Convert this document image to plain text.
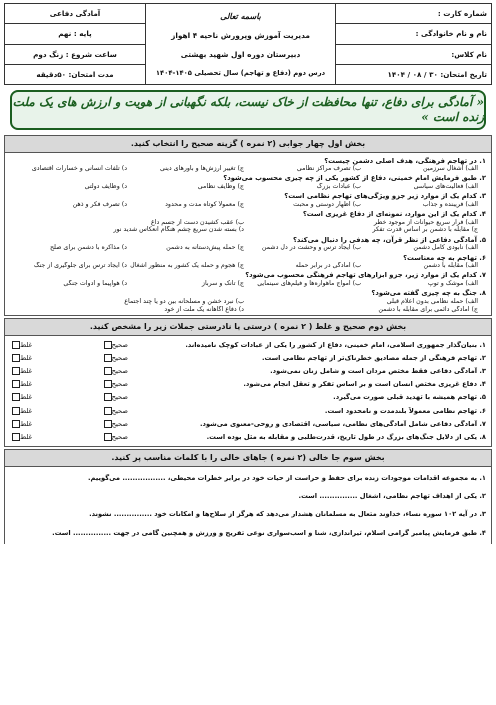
شماره کارت :
نام و نام خانوادگی :
نام کلاس:
تاریخ امتحان: ۳۰ / ۰۸ / ۱۴۰۴
باسمه تعالی
مدیریت آموزش وپرورش ناحیه ۴ اهواز
دبیرستان دوره اول شهید بهشتی
درس دوم (دفاع و تهاجم) سال تحصیلی ۱۴۰۵-۱۴۰۴
آمادگی دفاعی
پایه : نهم
ساعت شروع : زنگ دوم
مدت امتحان: ۵۰دقیقه
« آمادگی برای دفاع، تنها محافظت از خاک نیست، بلکه نگهبانی از هویت و ارزش های یک ملت زنده است »
بخش اول چهار جوابی (۲ نمره ) گزینه صحیح را انتخاب کنید.
۱. در تهاجم فرهنگی، هدف اصلی دشمن چیست؟
الف) اشغال سرزمین
ب) تصرف مراکز نظامی
ج) تغییر ارزش‌ها و باورهای دینی
د) تلفات انسانی و خسارات اقتصادی
۲. طبق فرمایش امام خمینی، دفاع از کشور یکی از چه چیزی محسوب می‌شود؟
الف) فعالیت‌های سیاسی
ب) عبادات بزرگ
ج) وظایف نظامی
د) وظایف دولتی
۳. کدام یک از موارد زیر جزو ویژگی‌های تهاجم نظامی است؟
الف) فریبنده و جذاب
ب) اظهار دوستی و محبت
ج) معمولاً کوتاه مدت و محدود
د) تصرف فکر و ذهن
۴. کدام یک از این موارد، نمونه‌ای از دفاع غریزی است؟
الف) فرار سریع حیوانات از موجود خطر
ب) عقب کشیدن دست از جسم داغ
ج) مقابله با دشمن بر اساس قدرت تفکر
د) بسته شدن سریع چشم هنگام انعکاس شدید نور
۵. آمادگی دفاعی از نظر قرآن، چه هدفی را دنبال می‌کند؟
الف) نابودی کامل دشمن
ب) ایجاد ترس و وحشت در دل دشمن
ج) حمله پیش‌دستانه به دشمن
د) مذاکره با دشمن برای صلح
۶. تهاجم به چه معناست؟
الف) مقابله با دشمن
ب) آمادگی در برابر حمله
ج) هجوم و حمله یک کشور به منظور اشغال
د) ایجاد ترس برای جلوگیری از جنگ
۷. کدام یک از موارد زیر، جزو ابزارهای تهاجم فرهنگی محسوب می‌شود؟
الف) موشک و توپ
ب) امواج ماهواره‌ها و فیلم‌های سینمایی
ج) تانک و سرباز
د) هواپیما و ادوات جنگی
۸. جنگ به چه چیزی گفته می‌شود؟
الف) حمله نظامی بدون اعلام قبلی
ب) نبرد خشن و مسلحانه بین دو یا چند اجتماع
ج) آمادگی دائمی برای مقابله با دشمن
د) دفاع آگاهانه یک ملت از خود
بخش دوم صحیح و غلط ( ۲ نمره ) درستی یا نادرستی جملات زیر را مشخص کنید.
۱. بنیان‌گذار جمهوری اسلامی، امام خمینی، دفاع از کشور را یکی از عبادات کوچک نامیده‌اند.
صحیح
غلط
۲. تهاجم فرهنگی از جمله مصادیق خطرناک‌تر از تهاجم نظامی است.
صحیح
غلط
۳. آمادگی دفاعی فقط مختص مردان است و شامل زنان نمی‌شود.
صحیح
غلط
۴. دفاع غریزی مختص انسان است و بر اساس تفکر و تعقل انجام می‌شود.
صحیح
غلط
۵. تهاجم همیشه با تهدید قبلی صورت می‌گیرد.
صحیح
غلط
۶. تهاجم نظامی معمولاً بلندمدت و نامحدود است.
صحیح
غلط
۷. آمادگی دفاعی شامل آمادگی‌های نظامی، سیاسی، اقتصادی و روحی-معنوی می‌شود.
صحیح
غلط
۸. یکی از دلایل جنگ‌های بزرگ در طول تاریخ، قدرت‌طلبی و مقابله به مثل بوده است.
صحیح
غلط
بخش سوم جا خالی (۲ نمره ) جاهای خالی را با کلمات مناسب پر کنید.
۱. به مجموعه اقدامات موجودات زنده برای حفظ و حراست از حیات خود در برابر خطرات محیطی، ................. می‌گوییم.
۲. یکی از اهداف تهاجم نظامی، اشغال ............... است.
۳. در آیه ۱۰۲ سوره نساء، خداوند متعال به مسلمانان هشدار می‌دهد که هرگز از سلاح‌ها و امکانات خود ............... نشوند.
۴. طبق فرمایش پیامبر گرامی اسلام، تیراندازی، شنا و اسب‌سواری نوعی تفریح و ورزش و همچنین گامی در جهت ............... است.
